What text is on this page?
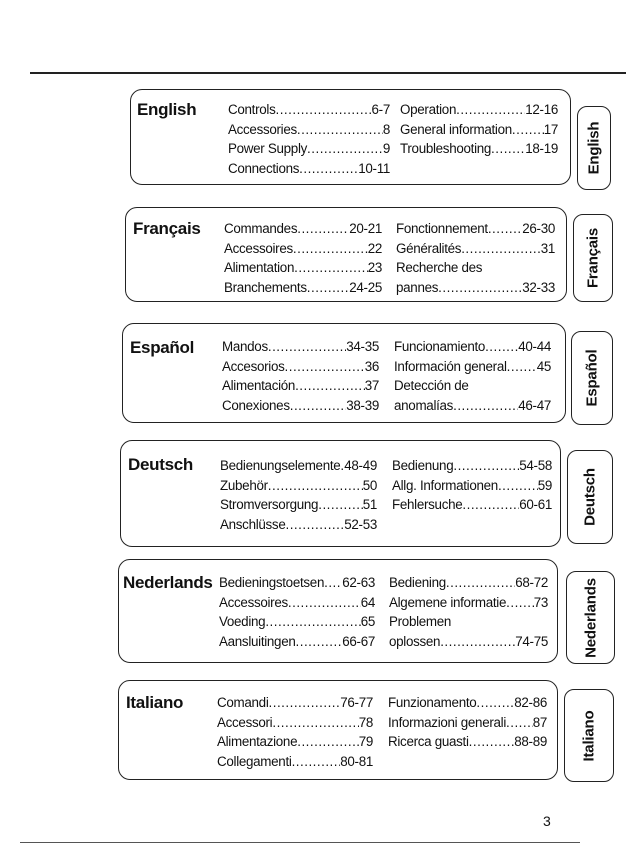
English Controls .....	6-7
Accessories .....	8
Power Supply .....	9
Connections .....	10-11
Operation .....	12-16
General information ..... 17
Troubleshooting .....	18-19 English
Français Commandes .....	20-21
Accessoires .....	22
Alimentation .....	23
Branchements .....	24-25
Fonctionnement .....	26-30
Généralités .....	31
Recherche des
pannes .....	32-33 Français
Español Mandos .....	34-35
Accesorios .....	36
Alimentación .....	37
Conexiones .....	38-39
Funcionamiento ..... 40-44
Información general ..... 45
Detección de
anomalías .....	46-47 Español
Deutsch Bedienungselemente ..... 48-49
Zubehör .....	50
Stromversorgung .....	51
Anschlüsse .....	52-53
Bedienung .....	54-58
Allg. Informationen .....	59
Fehlersuche .....	60-61 Deutsch
Nederlands Bedieningstoetsen ..... 62-63
Accessoires .....	64
Voeding .....	65
Aansluitingen .....	66-67
Bediening .....	68-72
Algemene informatie ..... 73
Problemen
oplossen .....	74-75 Nederlands
Italiano	Comandi .....	76-77
Accessori .....	78
Alimentazione .....	79
Collegamenti .....	80-81
Funzionamento .....	82-86
Informazioni generali ..... 87
Ricerca guasti .....	88-89 Italiano
3
